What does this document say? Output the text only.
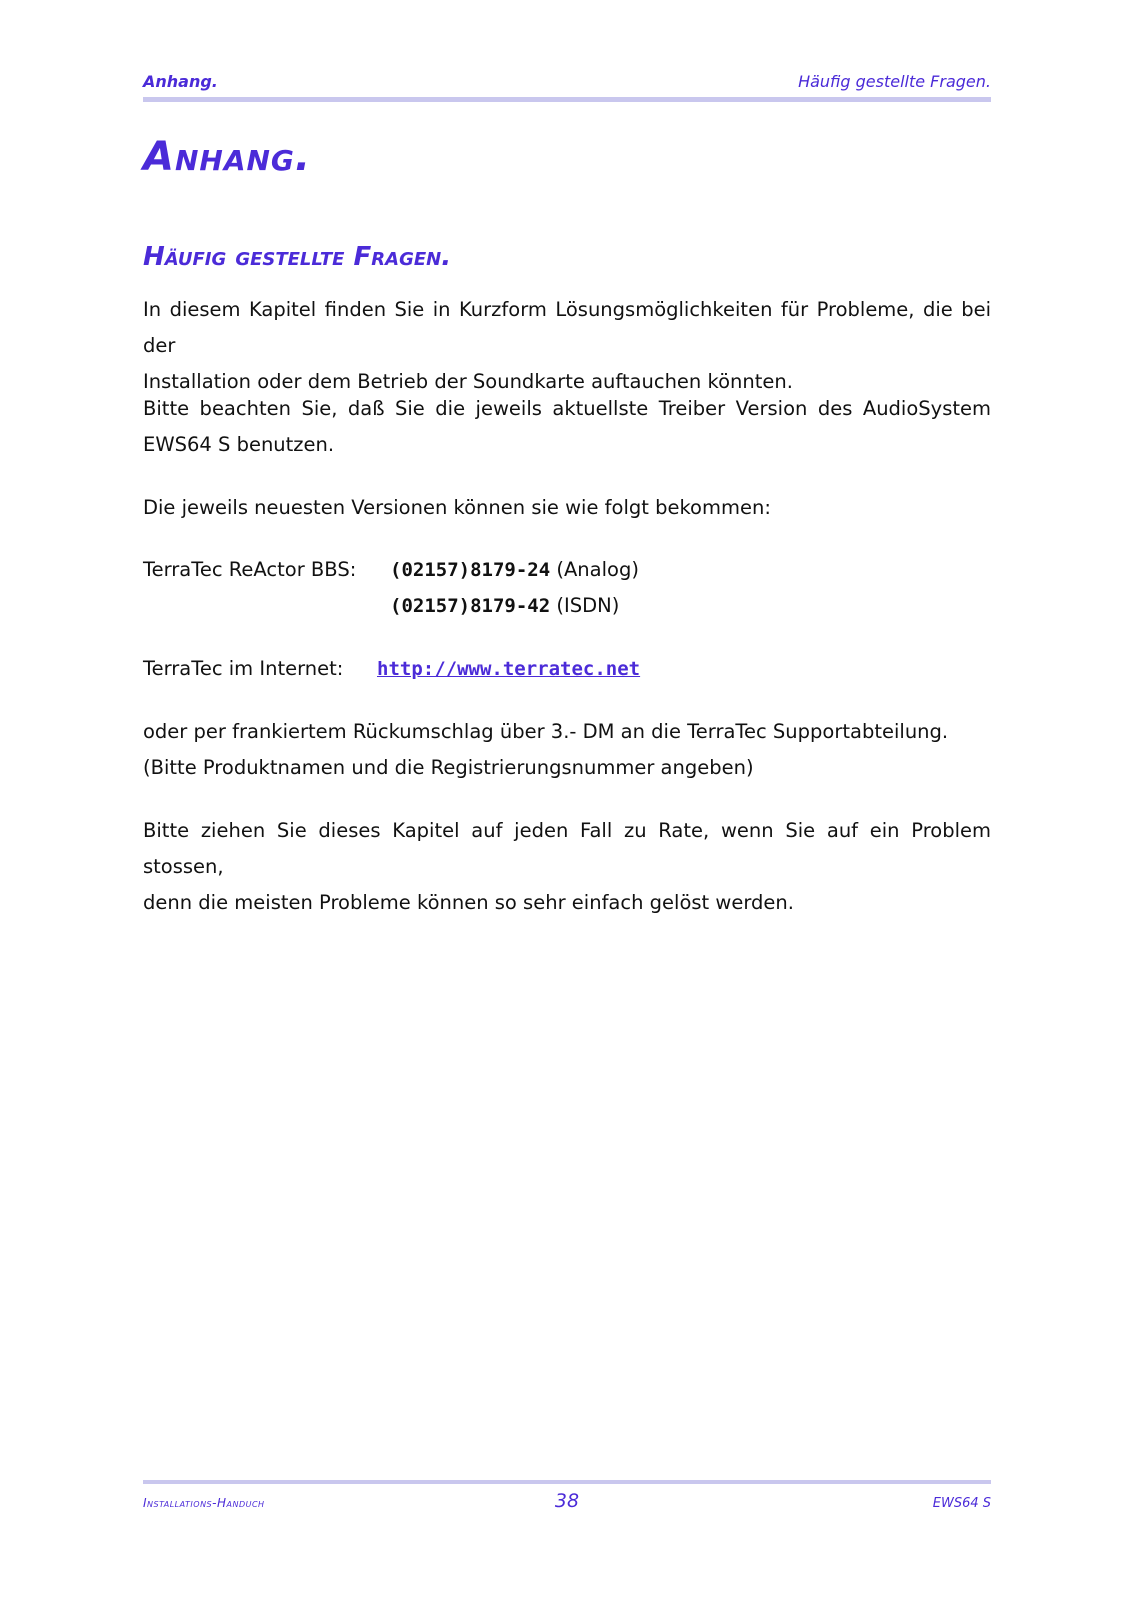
Anhang.	Häufig gestellte Fragen.
Anhang.
Häufig gestellte Fragen.

In diesem Kapitel finden Sie in Kurzform Lösungsmöglichkeiten für Probleme, die bei der
Installation oder dem Betrieb der Soundkarte auftauchen könnten.

Bitte beachten Sie, daß Sie die jeweils aktuellste Treiber Version des AudioSystem
EWS64 S benutzen.

Die jeweils neuesten Versionen können sie wie folgt bekommen:

TerraTec ReActor BBS: (02157)8179-24 (Analog)
(02157)8179-42 (ISDN)
TerraTec im Internet: http://www.terratec.net

oder per frankiertem Rückumschlag über 3.- DM an die TerraTec Supportabteilung.
(Bitte Produktnamen und die Registrierungsnummer angeben)

Bitte ziehen Sie dieses Kapitel auf jeden Fall zu Rate, wenn Sie auf ein Problem stossen,
denn die meisten Probleme können so sehr einfach gelöst werden.

Installations-Handuch	38	EWS64 S
